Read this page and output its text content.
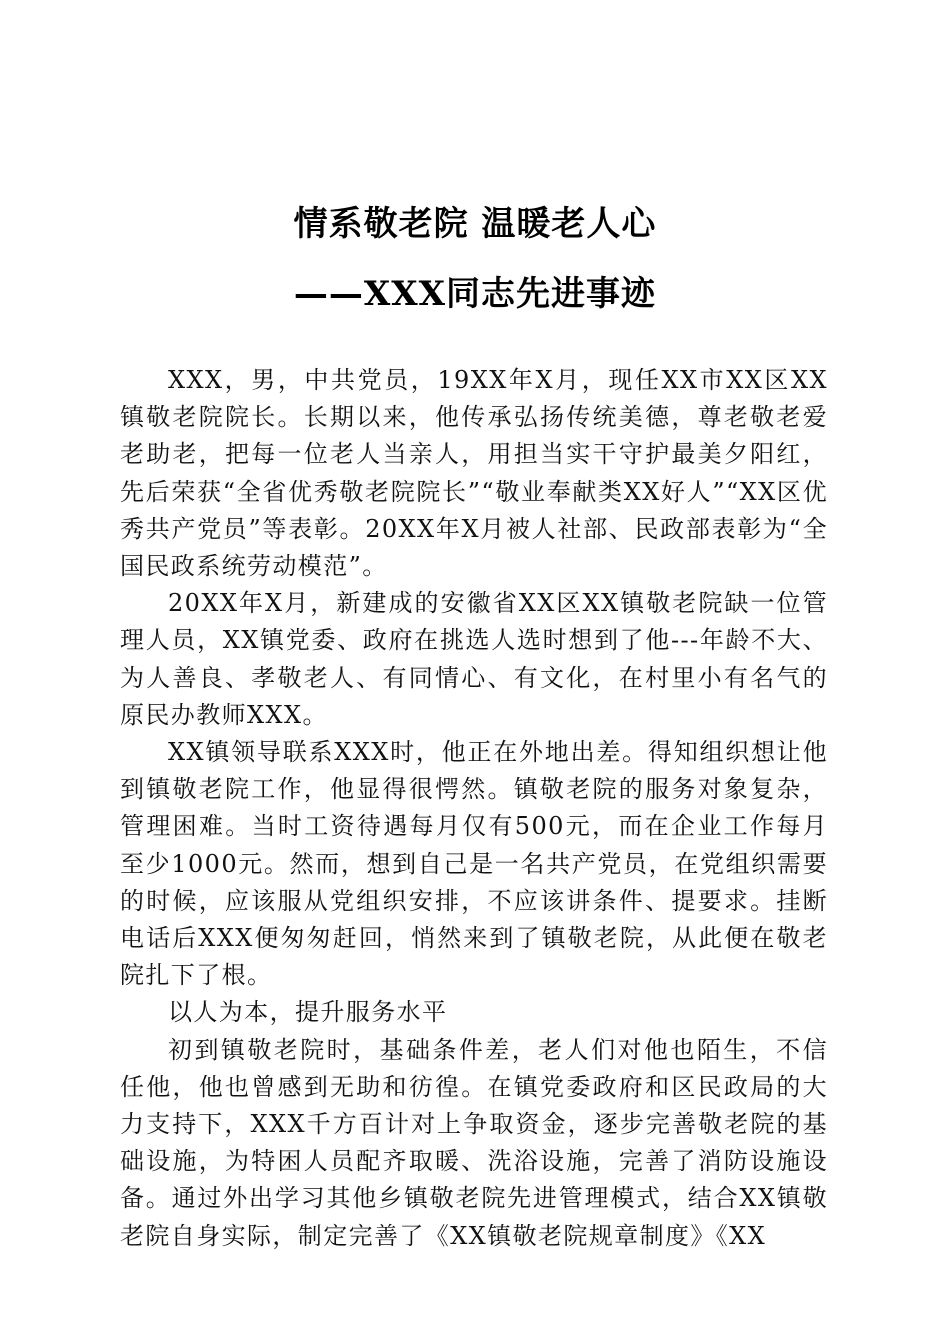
情系敬老院 温暖老人心
——XXX同志先进事迹

XXX，男，中共党员，19XX年X月，现任XX市XX区XX镇敬老院院长。长期以来，他传承弘扬传统美德，尊老敬老爱老助老，把每一位老人当亲人，用担当实干守护最美夕阳红，先后荣获“全省优秀敬老院院长”“敬业奉献类XX好人”“XX区优秀共产党员”等表彰。20XX年X月被人社部、民政部表彰为“全国民政系统劳动模范”。

20XX年X月，新建成的安徽省XX区XX镇敬老院缺一位管理人员，XX镇党委、政府在挑选人选时想到了他---年龄不大、为人善良、孝敬老人、有同情心、有文化，在村里小有名气的原民办教师XXX。

XX镇领导联系XXX时，他正在外地出差。得知组织想让他到镇敬老院工作，他显得很愕然。镇敬老院的服务对象复杂，管理困难。当时工资待遇每月仅有500元，而在企业工作每月至少1000元。然而，想到自己是一名共产党员，在党组织需要的时候，应该服从党组织安排，不应该讲条件、提要求。挂断电话后XXX便匆匆赶回，悄然来到了镇敬老院，从此便在敬老院扎下了根。

以人为本，提升服务水平

初到镇敬老院时，基础条件差，老人们对他也陌生，不信任他，他也曾感到无助和彷徨。在镇党委政府和区民政局的大力支持下，XXX千方百计对上争取资金，逐步完善敬老院的基础设施，为特困人员配齐取暖、洗浴设施，完善了消防设施设备。通过外出学习其他乡镇敬老院先进管理模式，结合XX镇敬老院自身实际，制定完善了《XX镇敬老院规章制度》《XX
